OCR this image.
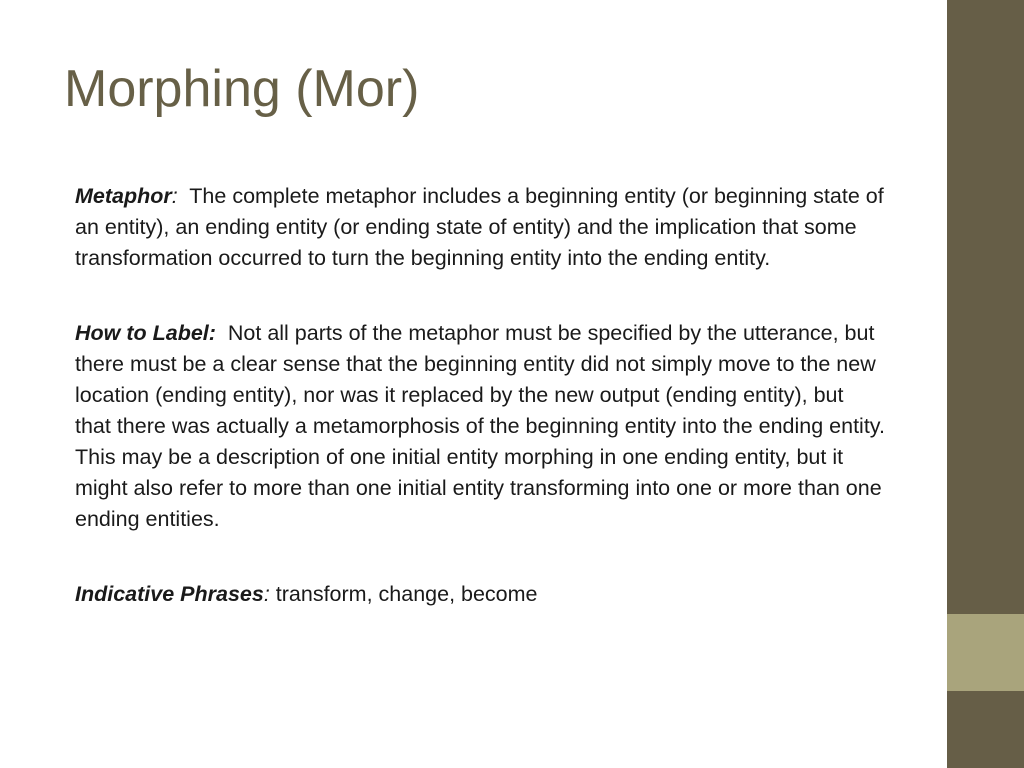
Morphing (Mor)

Metaphor:  The complete metaphor includes a beginning entity (or beginning state of an entity), an ending entity (or ending state of entity) and the implication that some transformation occurred to turn the beginning entity into the ending entity.

How to Label:  Not all parts of the metaphor must be specified by the utterance, but there must be a clear sense that the beginning entity did not simply move to the new location (ending entity), nor was it replaced by the new output (ending entity), but that there was actually a metamorphosis of the beginning entity into the ending entity.  This may be a description of one initial entity morphing in one ending entity, but it might also refer to more than one initial entity transforming into one or more than one ending entities.

Indicative Phrases: transform, change, become
